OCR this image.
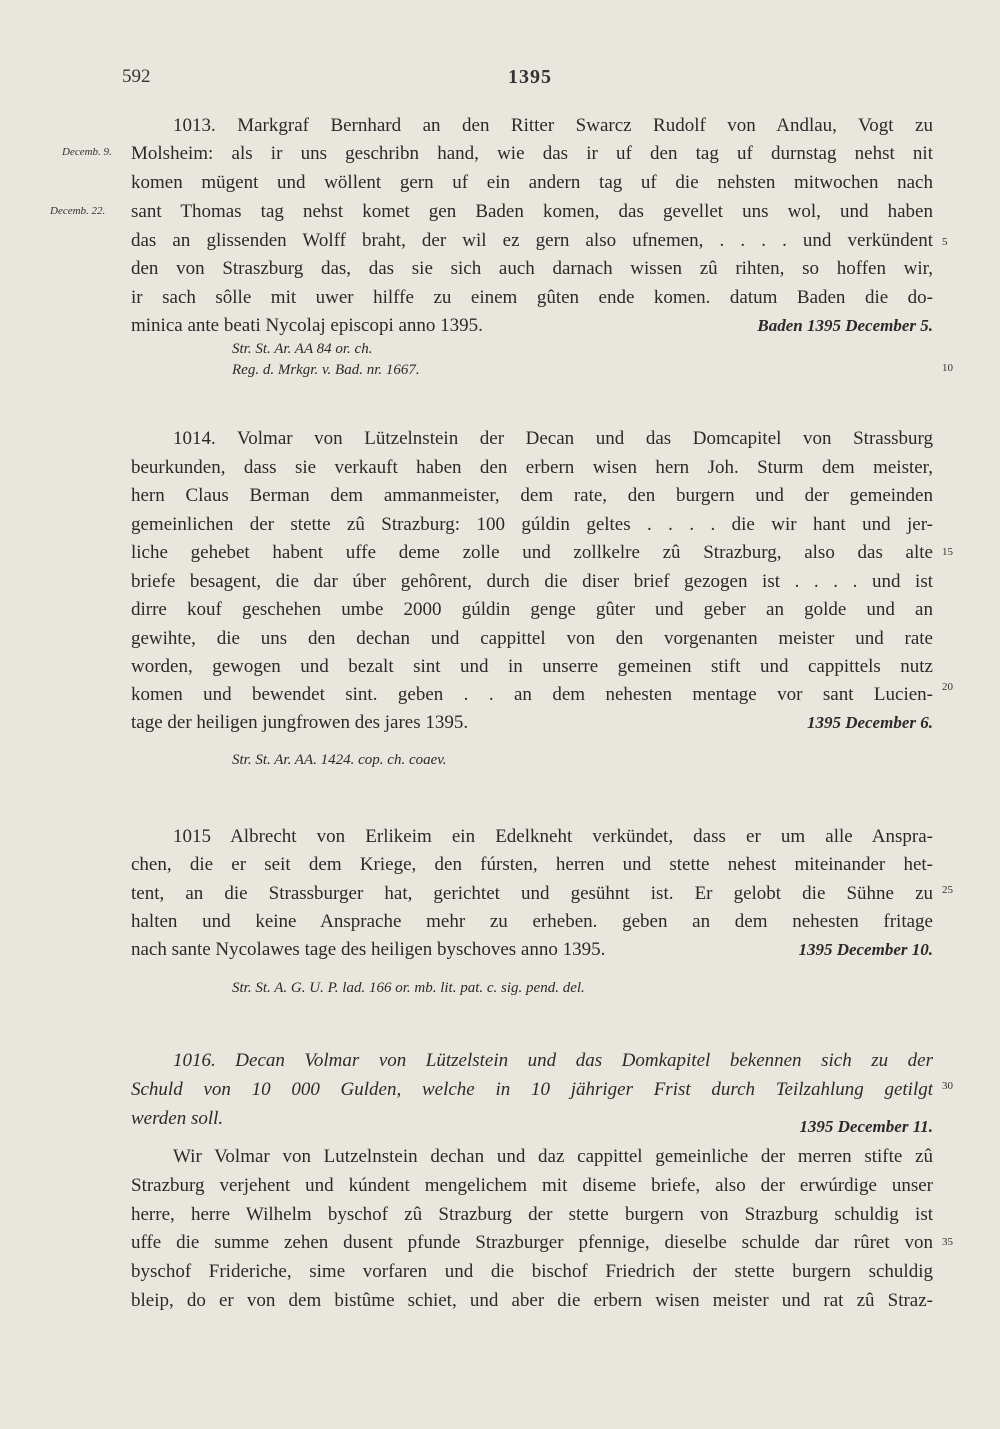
592	1395
Decemb. 9.
Decemb. 22.
5
10
15
20
25
30
35
1013. Markgraf Bernhard an den Ritter Swarcz Rudolf von Andlau, Vogt zu
Molsheim: als ir uns geschribn hand, wie das ir uf den tag uf durnstag nehst nit
komen mügent und wöllent gern uf ein andern tag uf die nehsten mitwochen nach
sant Thomas tag nehst komet gen Baden komen, das gevellet uns wol, und haben
das an glissenden Wolff braht, der wil ez gern also ufnemen, . . . . und verkündent
den von Straszburg das, das sie sich auch darnach wissen zû rihten, so hoffen wir,
ir sach sôlle mit uwer hilffe zu einem gûten ende komen. datum Baden die do-
minica ante beati Nycolaj episcopi anno 1395.	Baden 1395 December 5.
Str. St. Ar. AA 84 or. ch.
Reg. d. Mrkgr. v. Bad. nr. 1667.
1014. Volmar von Lützelnstein der Decan und das Domcapitel von Strassburg
beurkunden, dass sie verkauft haben den erbern wisen hern Joh. Sturm dem meister,
hern Claus Berman dem ammanmeister, dem rate, den burgern und der gemeinden
gemeinlichen der stette zû Strazburg: 100 gúldin geltes . . . . die wir hant und jer-
liche gehebet habent uffe deme zolle und zollkelre zû Strazburg, also das alte
briefe besagent, die dar úber gehôrent, durch die diser brief gezogen ist . . . . und ist
dirre kouf geschehen umbe 2000 gúldin genge gûter und geber an golde und an
gewihte, die uns den dechan und cappittel von den vorgenanten meister und rate
worden, gewogen und bezalt sint und in unserre gemeinen stift und cappittels nutz
komen und bewendet sint. geben . . an dem nehesten mentage vor sant Lucien-
tage der heiligen jungfrowen des jares 1395.	1395 December 6.
Str. St. Ar. AA. 1424. cop. ch. coaev.
1015 Albrecht von Erlikeim ein Edelkneht verkündet, dass er um alle Anspra-
chen, die er seit dem Kriege, den fúrsten, herren und stette nehest miteinander het-
tent, an die Strassburger hat, gerichtet und gesühnt ist. Er gelobt die Sühne zu
halten und keine Ansprache mehr zu erheben. geben an dem nehesten fritage
nach sante Nycolawes tage des heiligen byschoves anno 1395.	1395 December 10.
Str. St. A. G. U. P. lad. 166 or. mb. lit. pat. c. sig. pend. del.
1016. Decan Volmar von Lützelstein und das Domkapitel bekennen sich zu der
Schuld von 10 000 Gulden, welche in 10 jähriger Frist durch Teilzahlung getilgt
werden soll.	1395 December 11.
Wir Volmar von Lutzelnstein dechan und daz cappittel gemeinliche der merren stifte zû
Strazburg verjehent und kúndent mengelichem mit diseme briefe, also der erwúrdige unser
herre, herre Wilhelm byschof zû Strazburg der stette burgern von Strazburg schuldig ist
uffe die summe zehen dusent pfunde Strazburger pfennige, dieselbe schulde dar rûret von
byschof Frideriche, sime vorfaren und die bischof Friedrich der stette burgern schuldig
bleip, do er von dem bistûme schiet, und aber die erbern wisen meister und rat zû Straz-
